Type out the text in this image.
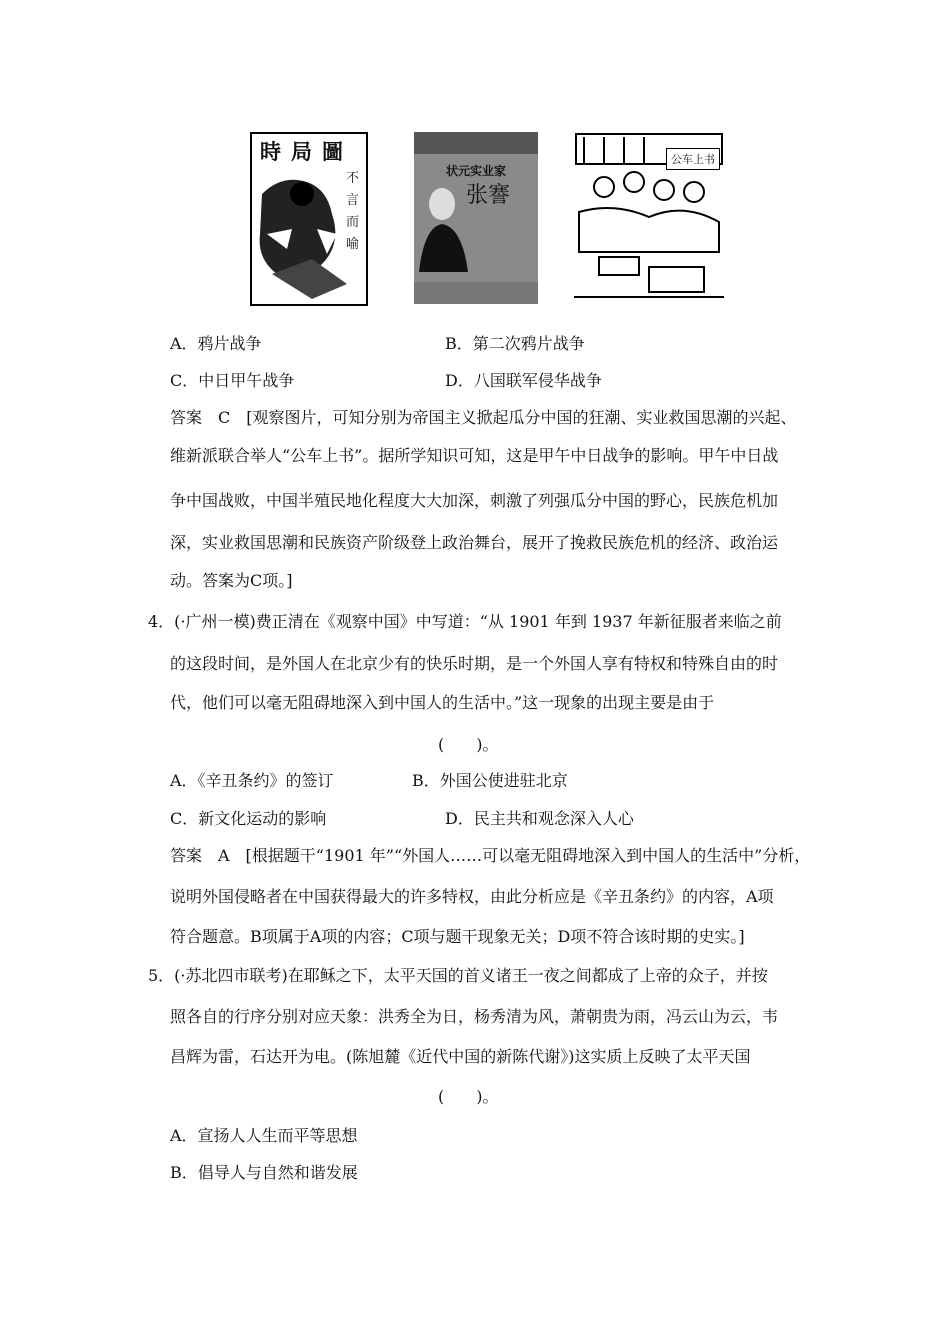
時局圖
不言而喻
状元实业家
张謇
公车上书
A．鸦片战争	B．第二次鸦片战争
C．中日甲午战争	D．八国联军侵华战争

答案　C　[观察图片，可知分别为帝国主义掀起瓜分中国的狂潮、实业救国思潮的兴起、

维新派联合举人“公车上书”。据所学知识可知，这是甲午中日战争的影响。甲午中日战

争中国战败，中国半殖民地化程度大大加深，刺激了列强瓜分中国的野心，民族危机加

深，实业救国思潮和民族资产阶级登上政治舞台，展开了挽救民族危机的经济、政治运

动。答案为C项。]

4．(·广州一模)费正清在《观察中国》中写道：“从 1901 年到 1937 年新征服者来临之前

的这段时间，是外国人在北京少有的快乐时期，是一个外国人享有特权和特殊自由的时

代，他们可以毫无阻碍地深入到中国人的生活中。”这一现象的出现主要是由于

(　　)。

A．《辛丑条约》的签订	B．外国公使进驻北京
C．新文化运动的影响	D．民主共和观念深入人心

答案　A　[根据题干“1901 年”“外国人……可以毫无阻碍地深入到中国人的生活中”分析，

说明外国侵略者在中国获得最大的许多特权，由此分析应是《辛丑条约》的内容，A项

符合题意。B项属于A项的内容；C项与题干现象无关；D项不符合该时期的史实。]

5．(·苏北四市联考)在耶稣之下，太平天国的首义诸王一夜之间都成了上帝的众子，并按

照各自的行序分别对应天象：洪秀全为日，杨秀清为风，萧朝贵为雨，冯云山为云，韦

昌辉为雷，石达开为电。(陈旭麓《近代中国的新陈代谢》)这实质上反映了太平天国

(　　)。

A．宣扬人人生而平等思想
B．倡导人与自然和谐发展
